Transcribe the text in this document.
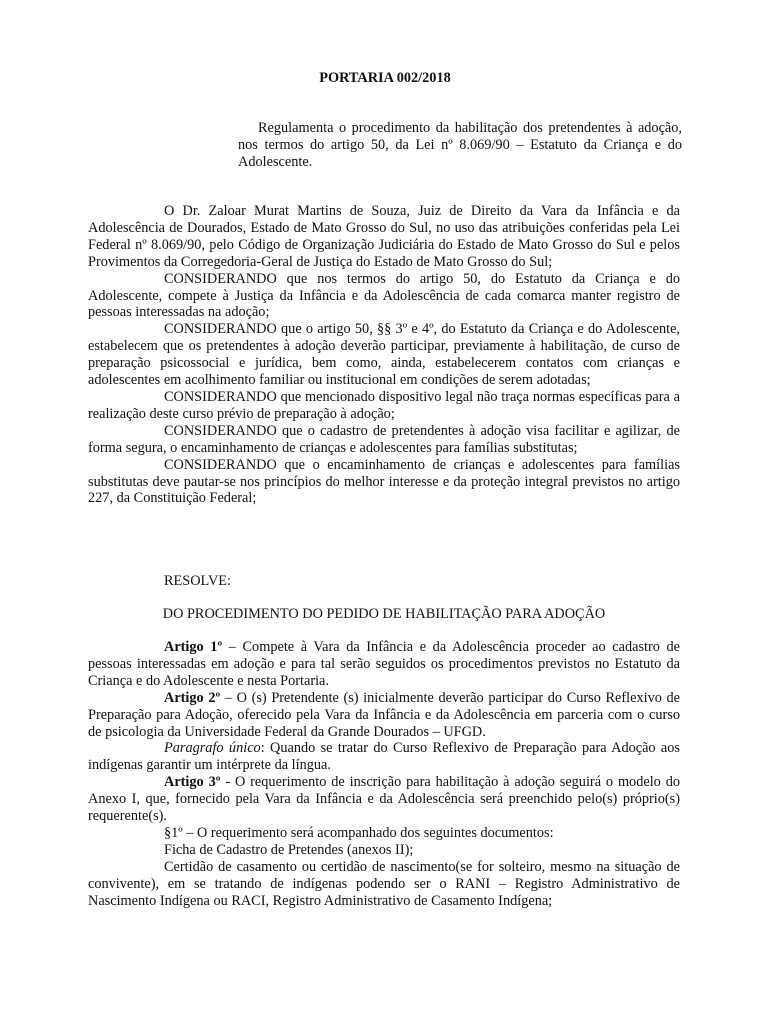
PORTARIA 002/2018

Regulamenta o procedimento da habilitação dos pretendentes à adoção, nos termos do artigo 50, da Lei nº 8.069/90 – Estatuto da Criança e do Adolescente.

O Dr. Zaloar Murat Martins de Souza, Juiz de Direito da Vara da Infância e da Adolescência de Dourados, Estado de Mato Grosso do Sul, no uso das atribuições conferidas pela Lei Federal nº 8.069/90, pelo Código de Organização Judiciária do Estado de Mato Grosso do Sul e pelos Provimentos da Corregedoria-Geral de Justiça do Estado de Mato Grosso do Sul;

CONSIDERANDO que nos termos do artigo 50, do Estatuto da Criança e do Adolescente, compete à Justiça da Infância e da Adolescência de cada comarca manter registro de pessoas interessadas na adoção;

CONSIDERANDO que o artigo 50, §§ 3º e 4º, do Estatuto da Criança e do Adolescente, estabelecem que os pretendentes à adoção deverão participar, previamente à habilitação, de curso de preparação psicossocial e jurídica, bem como, ainda, estabelecerem contatos com crianças e adolescentes em acolhimento familiar ou institucional em condições de serem adotadas;

CONSIDERANDO que mencionado dispositivo legal não traça normas específicas para a realização deste curso prévio de preparação à adoção;

CONSIDERANDO que o cadastro de pretendentes à adoção visa facilitar e agilizar, de forma segura, o encaminhamento de crianças e adolescentes para famílias substitutas;

CONSIDERANDO que o encaminhamento de crianças e adolescentes para famílias substitutas deve pautar-se nos princípios do melhor interesse e da proteção integral previstos no artigo 227, da Constituição Federal;

RESOLVE:

DO PROCEDIMENTO DO PEDIDO DE HABILITAÇÃO PARA ADOÇÃO

Artigo 1º – Compete à Vara da Infância e da Adolescência proceder ao cadastro de pessoas interessadas em adoção e para tal serão seguidos os procedimentos previstos no Estatuto da Criança e do Adolescente e nesta Portaria.

Artigo 2º – O (s) Pretendente (s) inicialmente deverão participar do Curso Reflexivo de Preparação para Adoção, oferecido pela Vara da Infância e da Adolescência em parceria com o curso de psicologia da Universidade Federal da Grande Dourados – UFGD.

Paragrafo único: Quando se tratar do Curso Reflexivo de Preparação para Adoção aos indígenas garantir um intérprete da língua.

Artigo 3º - O requerimento de inscrição para habilitação à adoção seguirá o modelo do Anexo I, que, fornecido pela Vara da Infância e da Adolescência será preenchido pelo(s) próprio(s) requerente(s).

§1º – O requerimento será acompanhado dos seguintes documentos:

Ficha de Cadastro de Pretendes (anexos II);

Certidão de casamento ou certidão de nascimento(se for solteiro, mesmo na situação de convivente), em se tratando de indígenas podendo ser o RANI – Registro Administrativo de Nascimento Indígena ou RACI, Registro Administrativo de Casamento Indígena;
